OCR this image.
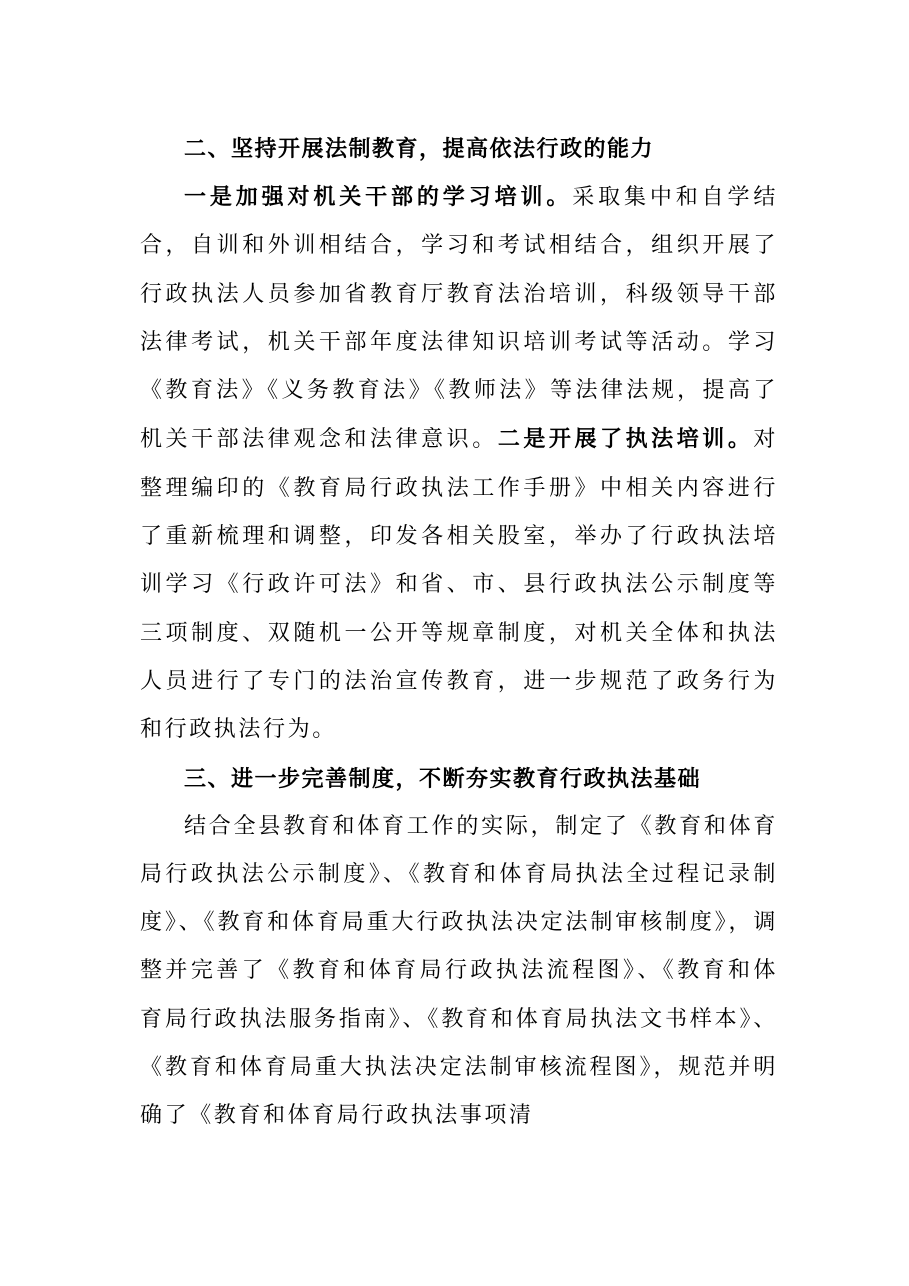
二、坚持开展法制教育，提高依法行政的能力

一是加强对机关干部的学习培训。采取集中和自学结合，自训和外训相结合，学习和考试相结合，组织开展了行政执法人员参加省教育厅教育法治培训，科级领导干部法律考试，机关干部年度法律知识培训考试等活动。学习《教育法》《义务教育法》《教师法》等法律法规，提高了机关干部法律观念和法律意识。二是开展了执法培训。对整理编印的《教育局行政执法工作手册》中相关内容进行了重新梳理和调整，印发各相关股室，举办了行政执法培训学习《行政许可法》和省、市、县行政执法公示制度等三项制度、双随机一公开等规章制度，对机关全体和执法人员进行了专门的法治宣传教育，进一步规范了政务行为和行政执法行为。

三、进一步完善制度，不断夯实教育行政执法基础

结合全县教育和体育工作的实际，制定了《教育和体育局行政执法公示制度》、《教育和体育局执法全过程记录制度》、《教育和体育局重大行政执法决定法制审核制度》，调整并完善了《教育和体育局行政执法流程图》、《教育和体育局行政执法服务指南》、《教育和体育局执法文书样本》、《教育和体育局重大执法决定法制审核流程图》，规范并明确了《教育和体育局行政执法事项清
